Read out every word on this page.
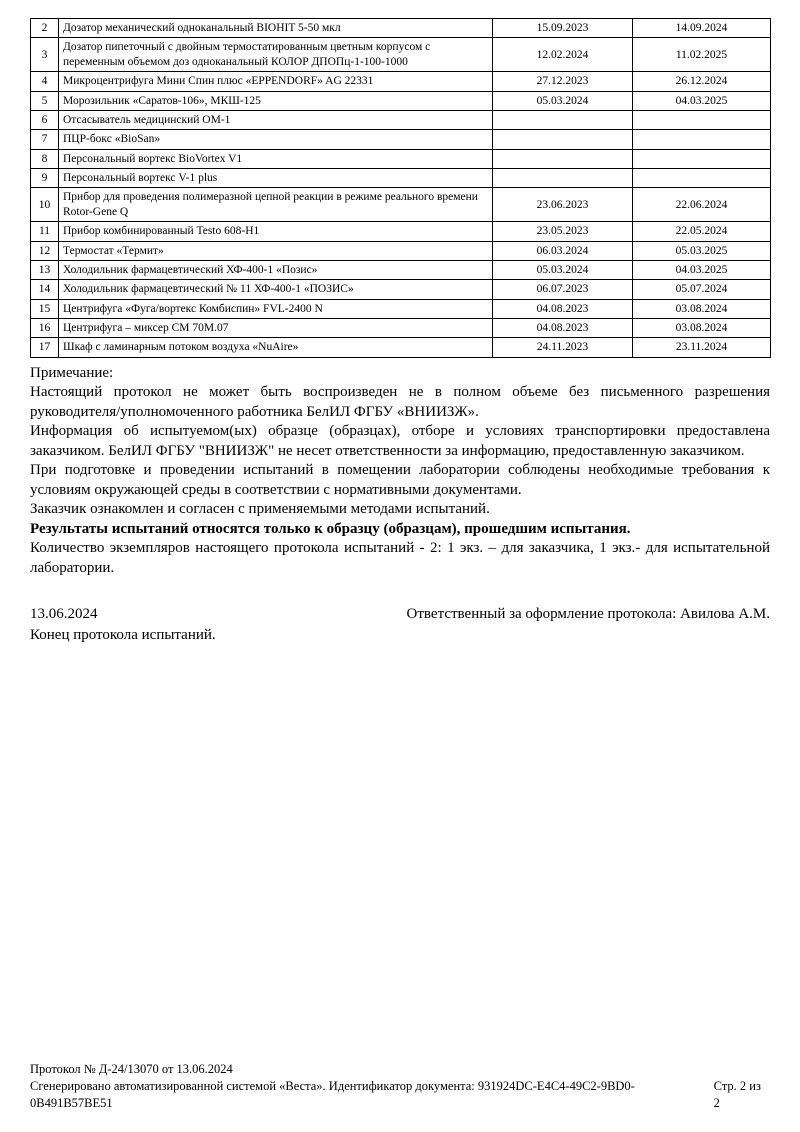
2	Дозатор механический одноканальный BIOHIT 5-50 мкл	15.09.2023	14.09.2024
3	Дозатор пипеточный с двойным термостатированным цветным корпусом с переменным объемом доз одноканальный КОЛОР ДПОПц-1-100-1000	12.02.2024	11.02.2025
4	Микроцентрифуга Мини Спин плюс «EPPENDORF» AG 22331	27.12.2023	26.12.2024
5	Морозильник «Саратов-106», МКШ-125	05.03.2024	04.03.2025
6	Отсасыватель медицинский ОМ-1		
7	ПЦР-бокс «BioSan»		
8	Персональный вортекс BioVortex V1		
9	Персональный вортекс V-1 plus		
10	Прибор для проведения полимеразной цепной реакции в режиме реального времени Rotor-Gene Q	23.06.2023	22.06.2024
11	Прибор комбинированный Testo 608-H1	23.05.2023	22.05.2024
12	Термостат «Термит»	06.03.2024	05.03.2025
13	Холодильник фармацевтический ХФ-400-1 «Позис»	05.03.2024	04.03.2025
14	Холодильник фармацевтический № 11 ХФ-400-1 «ПОЗИС»	06.07.2023	05.07.2024
15	Центрифуга «Фуга/вортекс Комбиспин» FVL-2400 N	04.08.2023	03.08.2024
16	Центрифуга – миксер СМ 70М.07	04.08.2023	03.08.2024
17	Шкаф с ламинарным потоком воздуха «NuAire»	24.11.2023	23.11.2024

Примечание:

Настоящий протокол не может быть воспроизведен не в полном объеме без письменного разрешения руководителя/уполномоченного работника БелИЛ ФГБУ «ВНИИЗЖ».

Информация об испытуемом(ых) образце (образцах), отборе и условиях транспортировки предоставлена заказчиком. БелИЛ ФГБУ "ВНИИЗЖ" не несет ответственности за информацию, предоставленную заказчиком.

При подготовке и проведении испытаний в помещении лаборатории соблюдены необходимые требования к условиям окружающей среды в соответствии с нормативными документами.

Заказчик ознакомлен и согласен с применяемыми методами испытаний.

Результаты испытаний относятся только к образцу (образцам), прошедшим испытания.

Количество экземпляров настоящего протокола испытаний - 2: 1 экз. – для заказчика, 1 экз.- для испытательной лаборатории.

13.06.2024	Ответственный за оформление протокола: Авилова А.М.
Конец протокола испытаний.
Протокол № Д-24/13070 от 13.06.2024
Сгенерировано автоматизированной системой «Веста». Идентификатор документа: 931924DC-E4C4-49C2-9BD0-0B491B57BE51
Стр. 2 из 2
